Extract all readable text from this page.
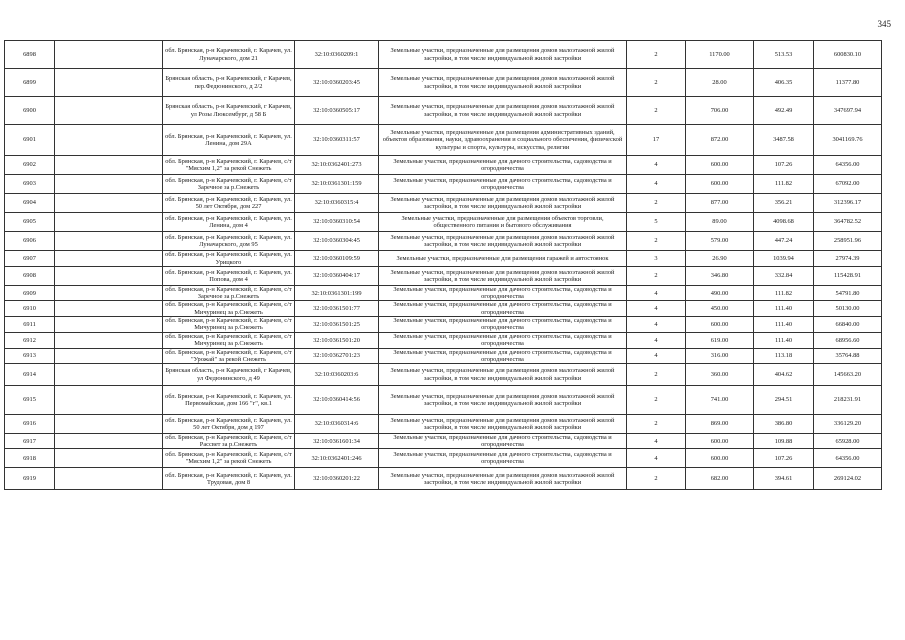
345
6898		обл. Брянская, р-н Карачевский, г. Карачев, ул. Луначарского, дом 21	32:10:0360209:1	Земельные участки, предназначенные для размещения домов малоэтажной жилой застройки, в том числе индивидуальной жилой застройки	2	1170.00	513.53	600830.10
6899		Брянская область, р-н Карачевский, г Карачев, пер.Федюнинского, д 2/2	32:10:0360203:45	Земельные участки, предназначенные для размещения домов малоэтажной жилой застройки, в том числе индивидуальной жилой застройки	2	28.00	406.35	11377.80
6900		Брянская область, р-н Карачевский, г Карачев, ул Розы Люксембург, д 58 Б	32:10:0360505:17	Земельные участки, предназначенные для размещения домов малоэтажной жилой застройки, в том числе индивидуальной жилой застройки	2	706.00	492.49	347697.94
6901		обл. Брянская, р-н Карачевский, г. Карачев, ул. Ленина, дом 29А	32:10:0360311:57	Земельные участки, предназначенные для размещения административных зданий, объектов образования, науки, здравоохранения и социального обеспечения, физической культуры и спорта, культуры, искусства, религии	17	872.00	3487.58	3041169.76
6902		обл. Брянская, р-н Карачевский, г. Карачев, с/т "Мясхим 1,2" за рекой Снежеть	32:10:0362401:273	Земельные участки, предназначенные для дачного строительства, садоводства и огородничества	4	600.00	107.26	64356.00
6903		обл. Брянская, р-н Карачевский, г. Карачев, с/т Заречное за р.Снежеть	32:10:0361301:159	Земельные участки, предназначенные для дачного строительства, садоводства и огородничества	4	600.00	111.82	67092.00
6904		обл. Брянская, р-н Карачевский, г. Карачев, ул. 50 лет Октября, дом 227	32:10:0360315:4	Земельные участки, предназначенные для размещения домов малоэтажной жилой застройки, в том числе индивидуальной жилой застройки	2	877.00	356.21	312396.17
6905		обл. Брянская, р-н Карачевский, г. Карачев, ул. Ленина, дом 4	32:10:0360310:54	Земельные участки, предназначенные для размещения объектов торговли, общественного питания и бытового обслуживания	5	89.00	4098.68	364782.52
6906		обл. Брянская, р-н Карачевский, г. Карачев, ул. Луначарского, дом 95	32:10:0360304:45	Земельные участки, предназначенные для размещения домов малоэтажной жилой застройки, в том числе индивидуальной жилой застройки	2	579.00	447.24	258951.96
6907		обл. Брянская, р-н Карачевский, г. Карачев, ул. Урицкого	32:10:0360109:59	Земельные участки, предназначенные для размещения гаражей и автостоянок	3	26.90	1039.94	27974.39
6908		обл. Брянская, р-н Карачевский, г. Карачев, ул. Попова, дом 4	32:10:0360404:17	Земельные участки, предназначенные для размещения домов малоэтажной жилой застройки, в том числе индивидуальной жилой застройки	2	346.80	332.84	115428.91
6909		обл. Брянская, р-н Карачевский, г. Карачев, с/т Заречное за р.Снежеть	32:10:0361301:199	Земельные участки, предназначенные для дачного строительства, садоводства и огородничества	4	490.00	111.82	54791.80
6910		обл. Брянская, р-н Карачевский, г. Карачев, с/т Мичуринец за р.Снежеть	32:10:0361501:77	Земельные участки, предназначенные для дачного строительства, садоводства и огородничества	4	450.00	111.40	50130.00
6911		обл. Брянская, р-н Карачевский, г. Карачев, с/т Мичуринец за р.Снежеть	32:10:0361501:25	Земельные участки, предназначенные для дачного строительства, садоводства и огородничества	4	600.00	111.40	66840.00
6912		обл. Брянская, р-н Карачевский, г. Карачев, с/т Мичуринец за р.Снежеть	32:10:0361501:20	Земельные участки, предназначенные для дачного строительства, садоводства и огородничества	4	619.00	111.40	68956.60
6913		обл. Брянская, р-н Карачевский, г. Карачев, с/т "Урожай" за рекой Снежеть	32:10:0362701:23	Земельные участки, предназначенные для дачного строительства, садоводства и огородничества	4	316.00	113.18	35764.88
6914		Брянская область, р-н Карачевский, г Карачев, ул Федюнинского, д 49	32:10:0360203:6	Земельные участки, предназначенные для размещения домов малоэтажной жилой застройки, в том числе индивидуальной жилой застройки	2	360.00	404.62	145663.20
6915		обл. Брянская, р-н Карачевский, г. Карачев, ул. Первомайская, дом 166 "г", кв.1	32:10:0360414:56	Земельные участки, предназначенные для размещения домов малоэтажной жилой застройки, в том числе индивидуальной жилой застройки	2	741.00	294.51	218231.91
6916		обл. Брянская, р-н Карачевский, г. Карачев, ул. 50 лет Октября, дом д 197	32:10:0360314:6	Земельные участки, предназначенные для размещения домов малоэтажной жилой застройки, в том числе индивидуальной жилой застройки	2	869.00	386.80	336129.20
6917		обл. Брянская, р-н Карачевский, г. Карачев, с/т Рассвет за р.Снежеть	32:10:0361601:34	Земельные участки, предназначенные для дачного строительства, садоводства и огородничества	4	600.00	109.88	65928.00
6918		обл. Брянская, р-н Карачевский, г. Карачев, с/т "Мясхим 1,2" за рекой Снежеть	32:10:0362401:246	Земельные участки, предназначенные для дачного строительства, садоводства и огородничества	4	600.00	107.26	64356.00
6919		обл. Брянская, р-н Карачевский, г. Карачев, ул. Трудовая, дом 8	32:10:0360201:22	Земельные участки, предназначенные для размещения домов малоэтажной жилой застройки, в том числе индивидуальной жилой застройки	2	682.00	394.61	269124.02
